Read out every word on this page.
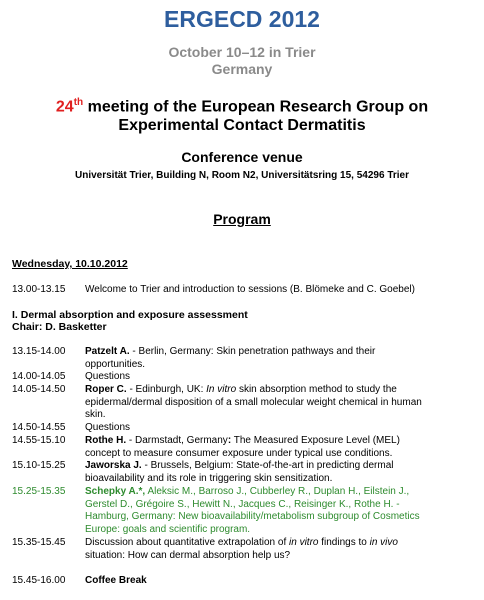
ERGECD 2012
October 10–12 in Trier
Germany
24th meeting of the European Research Group on
Experimental Contact Dermatitis
Conference venue
Universität Trier, Building N, Room N2, Universitätsring 15, 54296 Trier
Program
Wednesday, 10.10.2012
13.00-13.15 Welcome to Trier and introduction to sessions (B. Blömeke and C. Goebel)
I. Dermal absorption and exposure assessment
Chair: D. Basketter
13.15-14.00 Patzelt A. - Berlin, Germany: Skin penetration pathways and their
opportunities.
14.00-14.05 Questions
14.05-14.50 Roper C. - Edinburgh, UK: In vitro skin absorption method to study the
epidermal/dermal disposition of a small molecular weight chemical in human
skin.
14.50-14.55 Questions
14.55-15.10 Rothe H. - Darmstadt, Germany: The Measured Exposure Level (MEL)
concept to measure consumer exposure under typical use conditions.
15.10-15.25 Jaworska J. - Brussels, Belgium: State-of-the-art in predicting dermal
bioavailability and its role in triggering skin sensitization.
15.25-15.35 Schepky A.*, Aleksic M., Barroso J., Cubberley R., Duplan H., Eilstein J.,
Gerstel D., Grégoire S., Hewitt N., Jacques C., Reisinger K., Rothe H. -
Hamburg, Germany: New bioavailability/metabolism subgroup of Cosmetics
Europe: goals and scientific program.
15.35-15.45 Discussion about quantitative extrapolation of in vitro findings to in vivo
situation: How can dermal absorption help us?
15.45-16.00 Coffee Break
